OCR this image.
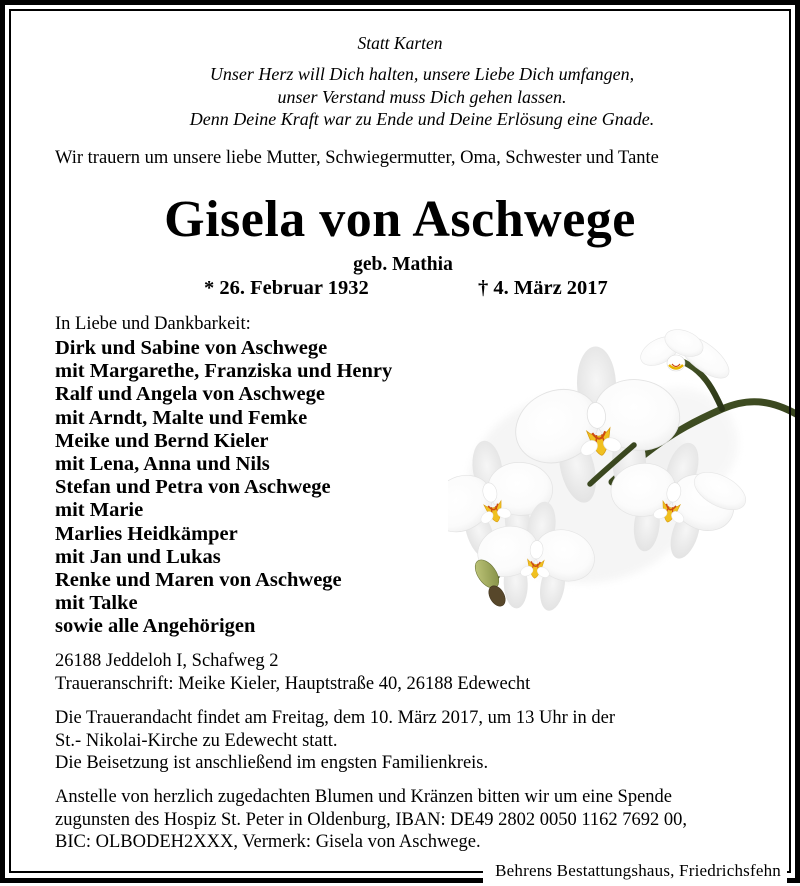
Statt Karten
Unser Herz will Dich halten, unsere Liebe Dich umfangen,
unser Verstand muss Dich gehen lassen.
Denn Deine Kraft war zu Ende und Deine Erlösung eine Gnade.
Wir trauern um unsere liebe Mutter, Schwiegermutter, Oma, Schwester und Tante
Gisela von Aschwege
geb. Mathia
* 26. Februar 1932	† 4. März 2017
In Liebe und Dankbarkeit:
Dirk und Sabine von Aschwege
mit Margarethe, Franziska und Henry
Ralf und Angela von Aschwege
mit Arndt, Malte und Femke
Meike und Bernd Kieler
mit Lena, Anna und Nils
Stefan und Petra von Aschwege
mit Marie
Marlies Heidkämper
mit Jan und Lukas
Renke und Maren von Aschwege
mit Talke
sowie alle Angehörigen
26188 Jeddeloh I, Schafweg 2
Traueranschrift: Meike Kieler, Hauptstraße 40, 26188 Edewecht
Die Trauerandacht findet am Freitag, dem 10. März 2017, um 13 Uhr in der
St.- Nikolai-Kirche zu Edewecht statt.
Die Beisetzung ist anschließend im engsten Familienkreis.
Anstelle von herzlich zugedachten Blumen und Kränzen bitten wir um eine Spende
zugunsten des Hospiz St. Peter in Oldenburg, IBAN: DE49 2802 0050 1162 7692 00,
BIC: OLBODEH2XXX, Vermerk: Gisela von Aschwege.
Behrens Bestattungshaus, Friedrichsfehn
